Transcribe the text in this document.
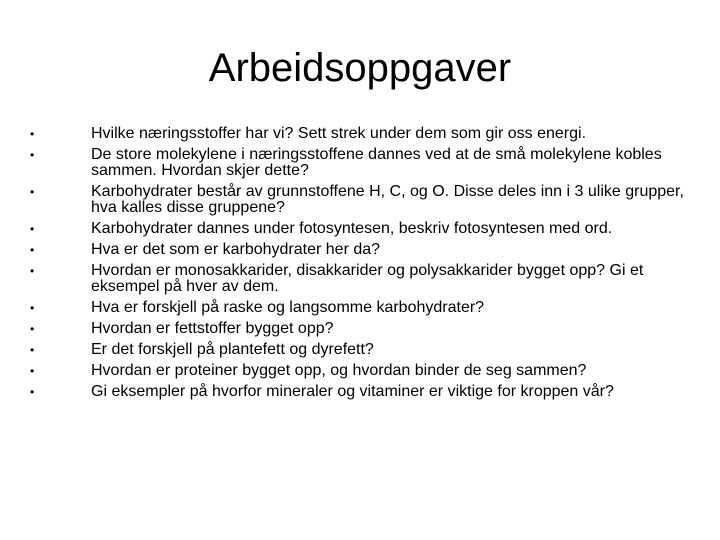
Arbeidsoppgaver
•	Hvilke næringsstoffer har vi? Sett strek under dem som gir oss energi.
•	De store molekylene i næringsstoffene dannes ved at de små molekylene kobles sammen. Hvordan skjer dette?
•	Karbohydrater består av grunnstoffene H, C, og O. Disse deles inn i 3 ulike grupper, hva kalles disse gruppene?
•	Karbohydrater dannes under fotosyntesen, beskriv fotosyntesen med ord.
•	Hva er det som er karbohydrater her da?
•	Hvordan er monosakkarider, disakkarider og polysakkarider bygget opp? Gi et eksempel på hver av dem.
•	Hva er forskjell på raske og langsomme karbohydrater?
•	Hvordan er fettstoffer bygget opp?
•	Er det forskjell på plantefett og dyrefett?
•	Hvordan er proteiner bygget opp, og hvordan binder de seg sammen?
•	Gi eksempler på hvorfor mineraler og vitaminer er viktige for kroppen vår?
